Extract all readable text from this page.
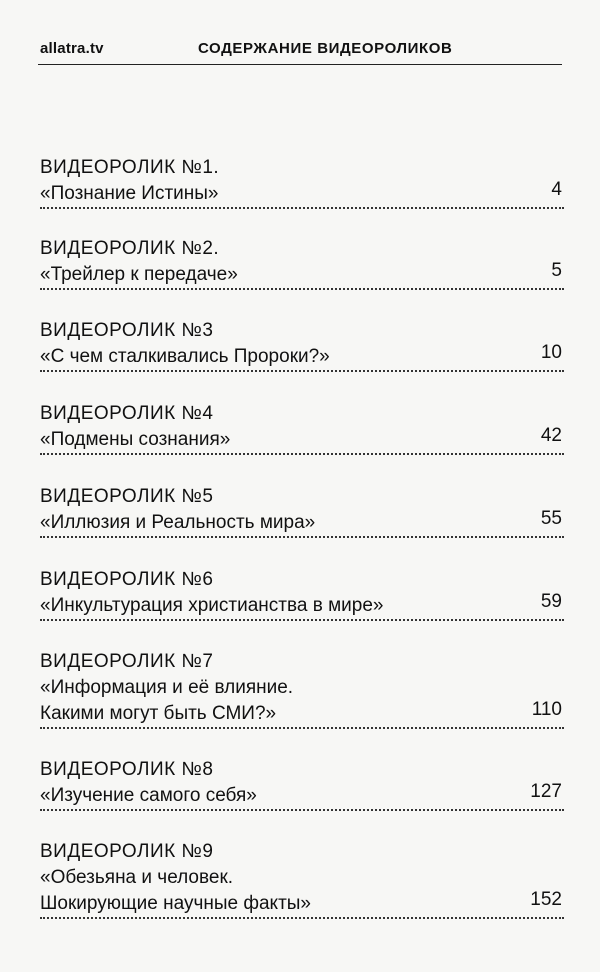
allatra.tv	СОДЕРЖАНИЕ ВИДЕОРОЛИКОВ
ВИДЕОРОЛИК №1.
«Познание Истины»	4
ВИДЕОРОЛИК №2.
«Трейлер к передаче»	5
ВИДЕОРОЛИК №3
«С чем сталкивались Пророки?»	10
ВИДЕОРОЛИК №4
«Подмены сознания»	42
ВИДЕОРОЛИК №5
«Иллюзия и Реальность мира»	55
ВИДЕОРОЛИК №6
«Инкультурация христианства в мире»	59
ВИДЕОРОЛИК №7
«Информация и её влияние.
Какими могут быть СМИ?»	110
ВИДЕОРОЛИК №8
«Изучение самого себя»	127
ВИДЕОРОЛИК №9
«Обезьяна и человек.
Шокирующие научные факты»	152
